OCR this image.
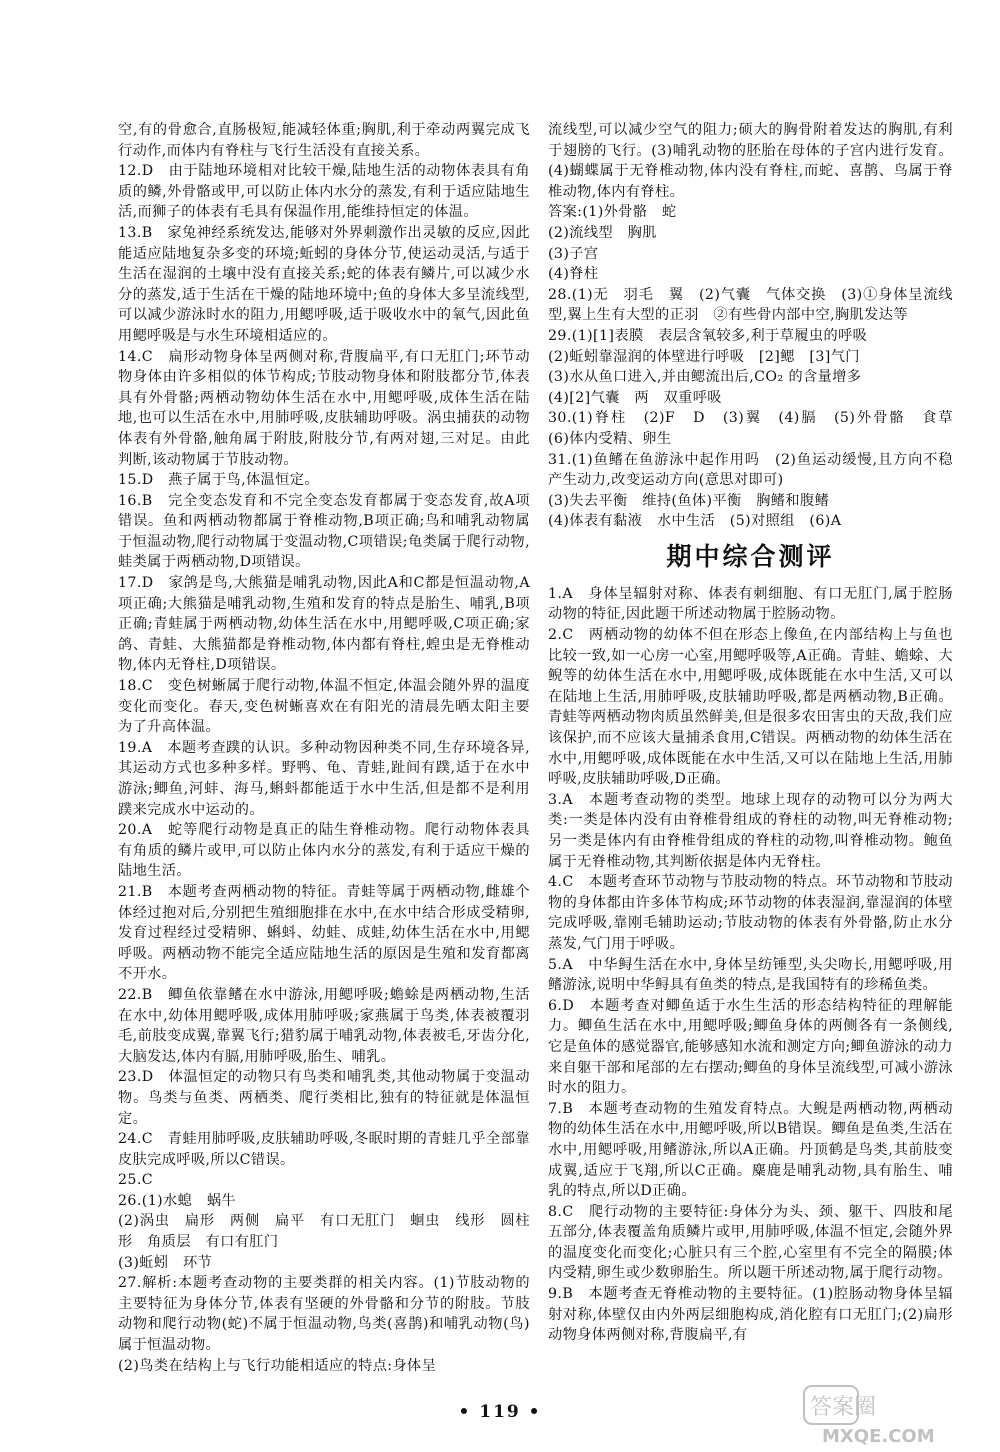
空,有的骨愈合,直肠极短,能减轻体重;胸肌,利于牵动两翼完成飞行动作,而体内有脊柱与飞行生活没有直接关系。

12.D　由于陆地环境相对比较干燥,陆地生活的动物体表具有角质的鳞,外骨骼或甲,可以防止体内水分的蒸发,有利于适应陆地生活,而狮子的体表有毛具有保温作用,能维持恒定的体温。

13.B　家兔神经系统发达,能够对外界刺激作出灵敏的反应,因此能适应陆地复杂多变的环境;蚯蚓的身体分节,使运动灵活,与适于生活在湿润的土壤中没有直接关系;蛇的体表有鳞片,可以减少水分的蒸发,适于生活在干燥的陆地环境中;鱼的身体大多呈流线型,可以减少游泳时水的阻力,用鳃呼吸,适于吸收水中的氧气,因此鱼用鳃呼吸是与水生环境相适应的。

14.C　扁形动物身体呈两侧对称,背腹扁平,有口无肛门;环节动物身体由许多相似的体节构成;节肢动物身体和附肢都分节,体表具有外骨骼;两栖动物幼体生活在水中,用鳃呼吸,成体生活在陆地,也可以生活在水中,用肺呼吸,皮肤辅助呼吸。涡虫捕获的动物体表有外骨骼,触角属于附肢,附肢分节,有两对翅,三对足。由此判断,该动物属于节肢动物。

15.D　燕子属于鸟,体温恒定。

16.B　完全变态发育和不完全变态发育都属于变态发育,故A项错误。鱼和两栖动物都属于脊椎动物,B项正确;鸟和哺乳动物属于恒温动物,爬行动物属于变温动物,C项错误;龟类属于爬行动物,蛙类属于两栖动物,D项错误。

17.D　家鸽是鸟,大熊猫是哺乳动物,因此A和C都是恒温动物,A项正确;大熊猫是哺乳动物,生殖和发育的特点是胎生、哺乳,B项正确;青蛙属于两栖动物,幼体生活在水中,用鳃呼吸,C项正确;家鸽、青蛙、大熊猫都是脊椎动物,体内都有脊柱,蝗虫是无脊椎动物,体内无脊柱,D项错误。

18.C　变色树蜥属于爬行动物,体温不恒定,体温会随外界的温度变化而变化。春天,变色树蜥喜欢在有阳光的清晨先晒太阳主要为了升高体温。

19.A　本题考查蹼的认识。多种动物因种类不同,生存环境各异,其运动方式也多种多样。野鸭、龟、青蛙,趾间有蹼,适于在水中游泳;鲫鱼,河蚌、海马,蝌蚪都能适于水中生活,但是都不是利用蹼来完成水中运动的。

20.A　蛇等爬行动物是真正的陆生脊椎动物。爬行动物体表具有角质的鳞片或甲,可以防止体内水分的蒸发,有利于适应干燥的陆地生活。

21.B　本题考查两栖动物的特征。青蛙等属于两栖动物,雌雄个体经过抱对后,分别把生殖细胞排在水中,在水中结合形成受精卵,发育过程经过受精卵、蝌蚪、幼蛙、成蛙,幼体生活在水中,用鳃呼吸。两栖动物不能完全适应陆地生活的原因是生殖和发育都离不开水。

22.B　鲫鱼依靠鳍在水中游泳,用鳃呼吸;蟾蜍是两栖动物,生活在水中,幼体用鳃呼吸,成体用肺呼吸;家燕属于鸟类,体表被覆羽毛,前肢变成翼,靠翼飞行;猎豹属于哺乳动物,体表被毛,牙齿分化,大脑发达,体内有膈,用肺呼吸,胎生、哺乳。

23.D　体温恒定的动物只有鸟类和哺乳类,其他动物属于变温动物。鸟类与鱼类、两栖类、爬行类相比,独有的特征就是体温恒定。

24.C　青蛙用肺呼吸,皮肤辅助呼吸,冬眠时期的青蛙几乎全部靠皮肤完成呼吸,所以C错误。

25.C

26.(1)水螅　蜗牛
(2)涡虫　扁形　两侧　扁平　有口无肛门　蛔虫　线形　圆柱形　角质层　有口有肛门
(3)蚯蚓　环节

27.解析:本题考查动物的主要类群的相关内容。(1)节肢动物的主要特征为身体分节,体表有坚硬的外骨骼和分节的附肢。节肢动物和爬行动物(蛇)不属于恒温动物,鸟类(喜鹊)和哺乳动物(鸟)属于恒温动物。
(2)鸟类在结构上与飞行功能相适应的特点:身体呈

流线型,可以减少空气的阻力;硕大的胸骨附着发达的胸肌,有利于翅膀的飞行。(3)哺乳动物的胚胎在母体的子宫内进行发育。(4)蝴蝶属于无脊椎动物,体内没有脊柱,而蛇、喜鹊、鸟属于脊椎动物,体内有脊柱。

答案:(1)外骨骼　蛇
(2)流线型　胸肌
(3)子宫
(4)脊柱

28.(1)无　羽毛　翼　(2)气囊　气体交换　(3)①身体呈流线型,翼上生有大型的正羽　②有些骨内部中空,胸肌发达等

29.(1)[1]表膜　表层含氧较多,利于草履虫的呼吸
(2)蚯蚓靠湿润的体壁进行呼吸　[2]鳃　[3]气门
(3)水从鱼口进入,并由鳃流出后,CO₂ 的含量增多
(4)[2]气囊　两　双重呼吸

30.(1)脊柱　(2)F　D　(3)翼　(4)膈　(5)外骨骼　食草　(6)体内受精、卵生

31.(1)鱼鳍在鱼游泳中起作用吗　(2)鱼运动缓慢,且方向不稳　产生动力,改变运动方向(意思对即可)
(3)失去平衡　维持(鱼体)平衡　胸鳍和腹鳍
(4)体表有黏液　水中生活　(5)对照组　(6)A

期中综合测评

1.A　身体呈辐射对称、体表有刺细胞、有口无肛门,属于腔肠动物的特征,因此题干所述动物属于腔肠动物。

2.C　两栖动物的幼体不但在形态上像鱼,在内部结构上与鱼也比较一致,如一心房一心室,用鳃呼吸等,A正确。青蛙、蟾蜍、大鲵等的幼体生活在水中,用鳃呼吸,成体既能在水中生活,又可以在陆地上生活,用肺呼吸,皮肤辅助呼吸,都是两栖动物,B正确。青蛙等两栖动物肉质虽然鲜美,但是很多农田害虫的天敌,我们应该保护,而不应该大量捕杀食用,C错误。两栖动物的幼体生活在水中,用鳃呼吸,成体既能在水中生活,又可以在陆地上生活,用肺呼吸,皮肤辅助呼吸,D正确。

3.A　本题考查动物的类型。地球上现存的动物可以分为两大类:一类是体内没有由脊椎骨组成的脊柱的动物,叫无脊椎动物;另一类是体内有由脊椎骨组成的脊柱的动物,叫脊椎动物。鲍鱼属于无脊椎动物,其判断依据是体内无脊柱。

4.C　本题考查环节动物与节肢动物的特点。环节动物和节肢动物的身体都由许多体节构成;环节动物的体表湿润,靠湿润的体壁完成呼吸,靠刚毛辅助运动;节肢动物的体表有外骨骼,防止水分蒸发,气门用于呼吸。

5.A　中华鲟生活在水中,身体呈纺锤型,头尖吻长,用鳃呼吸,用鳍游泳,说明中华鲟具有鱼类的特点,是我国特有的珍稀鱼类。

6.D　本题考查对鲫鱼适于水生生活的形态结构特征的理解能力。鲫鱼生活在水中,用鳃呼吸;鲫鱼身体的两侧各有一条侧线,它是鱼体的感觉器官,能够感知水流和测定方向;鲫鱼游泳的动力来自躯干部和尾部的左右摆动;鲫鱼的身体呈流线型,可减小游泳时水的阻力。

7.B　本题考查动物的生殖发育特点。大鲵是两栖动物,两栖动物的幼体生活在水中,用鳃呼吸,所以B错误。鲫鱼是鱼类,生活在水中,用鳃呼吸,用鳍游泳,所以A正确。丹顶鹤是鸟类,其前肢变成翼,适应于飞翔,所以C正确。麋鹿是哺乳动物,具有胎生、哺乳的特点,所以D正确。

8.C　爬行动物的主要特征:身体分为头、颈、躯干、四肢和尾五部分,体表覆盖角质鳞片或甲,用肺呼吸,体温不恒定,会随外界的温度变化而变化;心脏只有三个腔,心室里有不完全的隔膜;体内受精,卵生或少数卵胎生。所以题干所述动物,属于爬行动物。

9.B　本题考查无脊椎动物的主要特征。(1)腔肠动物身体呈辐射对称,体壁仅由内外两层细胞构成,消化腔有口无肛门;(2)扁形动物身体两侧对称,背腹扁平,有

• 119 •	答案圈
MXQE.COM
